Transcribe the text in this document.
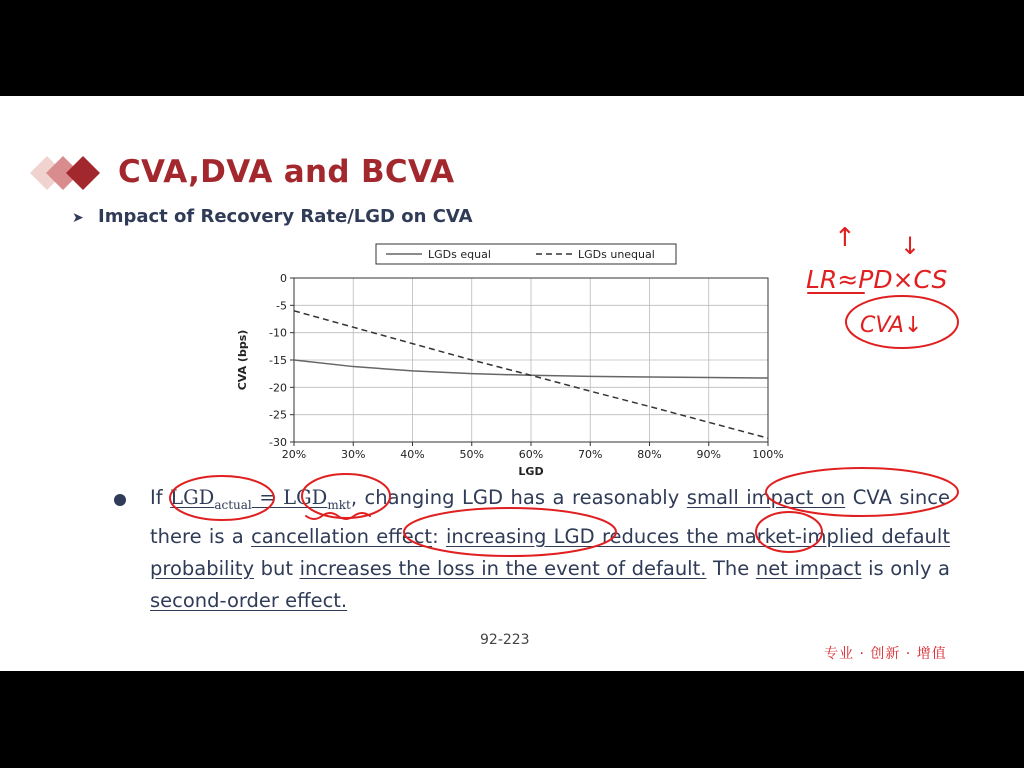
CVA,DVA and BCVA
➤ Impact of Recovery Rate/LGD on CVA
LGDs equal	LGDs unequal
0
-5
-10
-15
-20
-25
-30
20%	30%	40%	50%	60%	70%	80%	90%	100%
LGD
CVA (bps)
If $LGD_{actual} = LGD_{mkt}$, changing LGD has a reasonably small impact on CVA since there is a cancellation effect: increasing LGD reduces the market-implied default probability but increases the loss in the event of default. The net impact is only a second-order effect.
92-223
专业 · 创新 · 增值
↑ ↓
LR≈PD×CS
CVA↓
